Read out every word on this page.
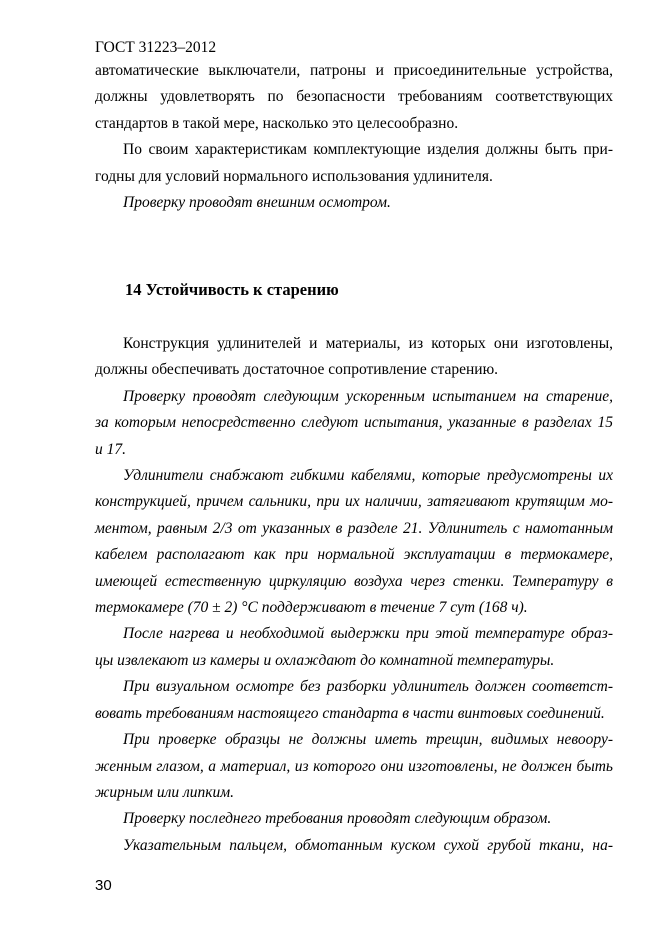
ГОСТ 31223–2012

автоматические выключатели, патроны и присоединительные устройства,

должны удовлетворять по безопасности требованиям соответствующих

стандартов в такой мере, насколько это целесообразно.

По своим характеристикам комплектующие изделия должны быть при-

годны для условий нормального использования удлинителя.

Проверку проводят внешним осмотром.

14 Устойчивость к старению

Конструкция удлинителей и материалы, из которых они изготовлены,

должны обеспечивать достаточное сопротивление старению.

Проверку проводят следующим ускоренным испытанием на старение,

за которым непосредственно следуют испытания, указанные в разделах 15

и 17.

Удлинители снабжают гибкими кабелями, которые предусмотрены их

конструкцией, причем сальники, при их наличии, затягивают крутящим мо-

ментом, равным 2/3 от указанных в разделе 21. Удлинитель с намотанным

кабелем располагают как при нормальной эксплуатации в термокамере,

имеющей естественную циркуляцию воздуха через стенки. Температуру в

термокамере (70 ± 2) °С поддерживают в течение 7 сут (168 ч).

После нагрева и необходимой выдержки при этой температуре образ-

цы извлекают из камеры и охлаждают до комнатной температуры.

При визуальном осмотре без разборки удлинитель должен соответст-

вовать требованиям настоящего стандарта в части винтовых соединений.

При проверке образцы не должны иметь трещин, видимых невоору-

женным глазом, а материал, из которого они изготовлены, не должен быть

жирным или липким.

Проверку последнего требования проводят следующим образом.

Указательным пальцем, обмотанным куском сухой грубой ткани, на-

30
